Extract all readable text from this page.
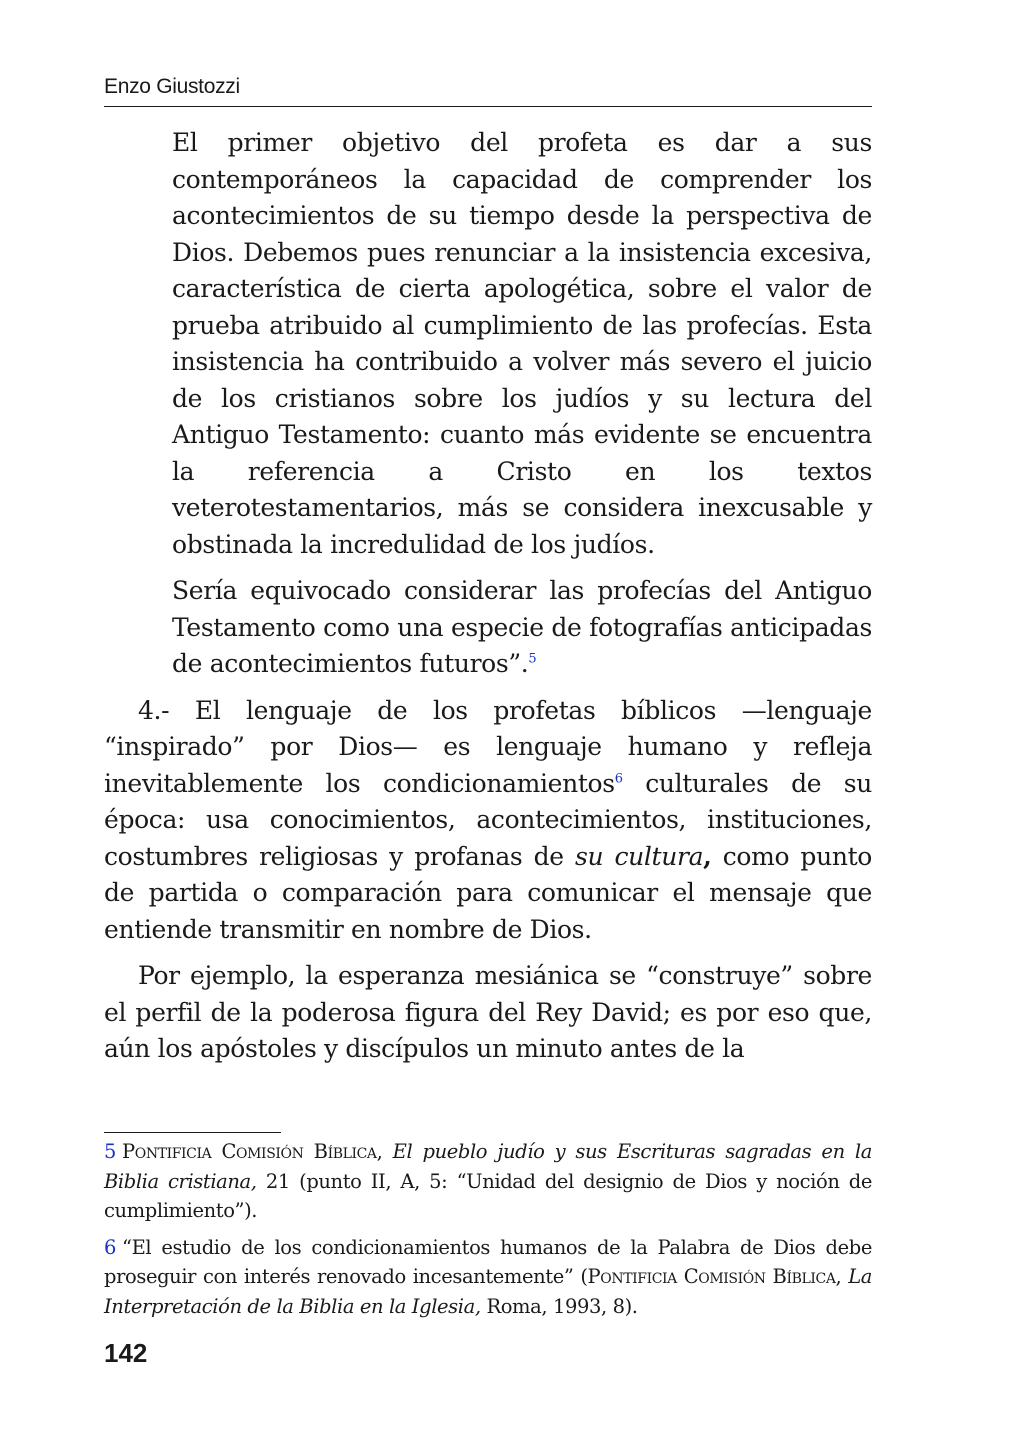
Enzo Giustozzi

El primer objetivo del profeta es dar a sus contemporáneos la capacidad de comprender los acontecimientos de su tiempo desde la perspectiva de Dios. Debemos pues renunciar a la insistencia excesiva, característica de cierta apologética, sobre el valor de prueba atribuido al cumplimiento de las profecías. Esta insistencia ha contribuido a volver más severo el juicio de los cristianos sobre los judíos y su lectura del Antiguo Testamento: cuanto más evidente se encuentra la referencia a Cristo en los textos veterotestamentarios, más se considera inexcusable y obstinada la incredulidad de los judíos.

Sería equivocado considerar las profecías del Antiguo Testamento como una especie de fotografías anticipadas de acontecimientos futuros”.$^5$

4.- El lenguaje de los profetas bíblicos —lenguaje “inspirado” por Dios— es lenguaje humano y refleja inevitablemente los condicionamientos$^6$ culturales de su época: usa conocimientos, acontecimientos, instituciones, costumbres religiosas y profanas de su cultura, como punto de partida o comparación para comunicar el mensaje que entiende transmitir en nombre de Dios.

Por ejemplo, la esperanza mesiánica se “construye” sobre el perfil de la poderosa figura del Rey David; es por eso que, aún los apóstoles y discípulos un minuto antes de la

5 Pontificia Comisión Bíblica, El pueblo judío y sus Escrituras sagradas en la Biblia cristiana, 21 (punto II, A, 5: “Unidad del designio de Dios y noción de cumplimiento”).

6 “El estudio de los condicionamientos humanos de la Palabra de Dios debe proseguir con interés renovado incesantemente” (Pontificia Comisión Bíblica, La Interpretación de la Biblia en la Iglesia, Roma, 1993, 8).

142
